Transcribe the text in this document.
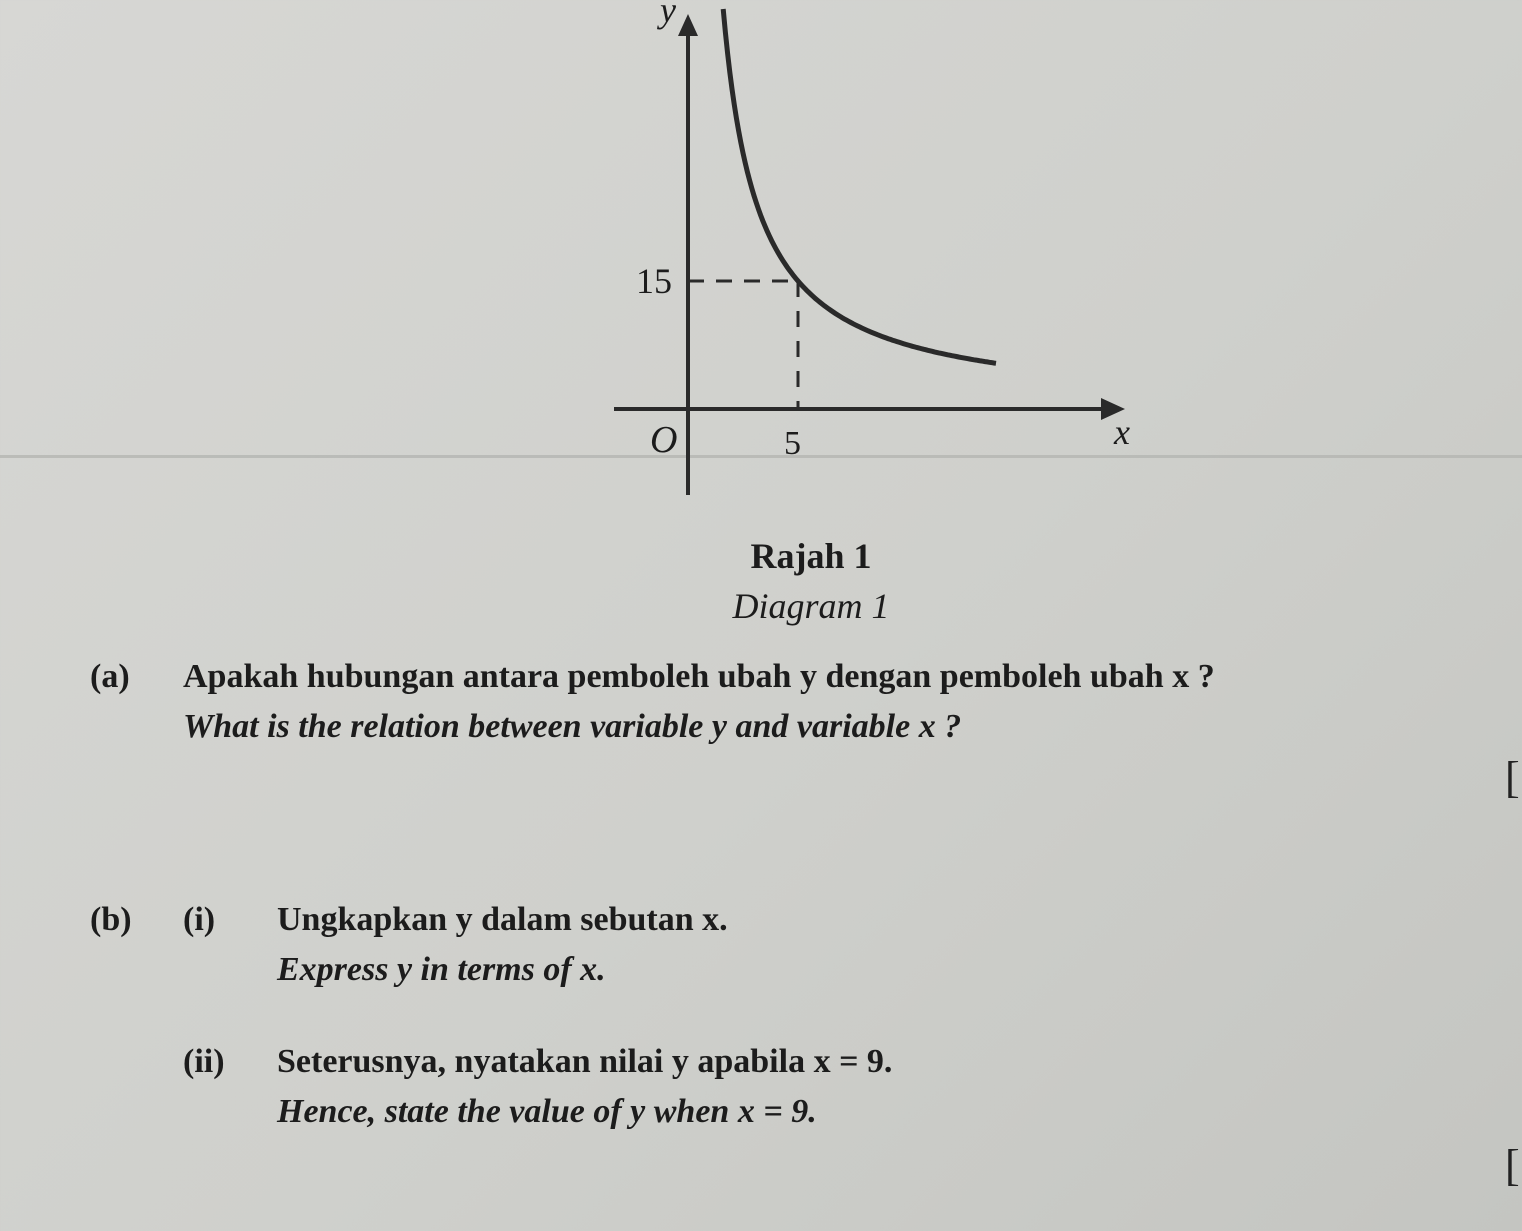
y
x
O
15
5
Rajah 1
Diagram 1
(a) Apakah hubungan antara pemboleh ubah y dengan pemboleh ubah x ?
What is the relation between variable y and variable x ?
[
(b) (i) Ungkapkan y dalam sebutan x.
Express y in terms of x.
(ii) Seterusnya, nyatakan nilai y apabila x = 9.
Hence, state the value of y when x = 9.
[
